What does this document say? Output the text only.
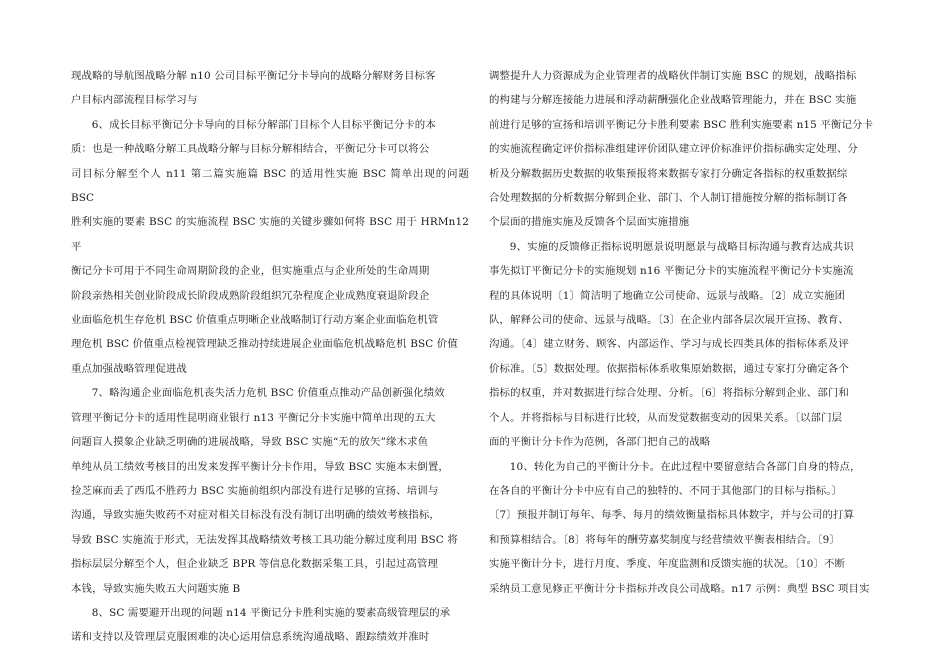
现战略的导航图战略分解 n10 公司目标平衡记分卡导向的战略分解财务目标客
户目标内部流程目标学习与

6、成长目标平衡记分卡导向的目标分解部门目标个人目标平衡记分卡的本
质：也是一种战略分解工具战略分解与目标分解相结合，平衡记分卡可以将公
司目标分解至个人 n11 第二篇实施篇 BSC 的适用性实施 BSC 简单出现的问题 BSC
胜利实施的要素 BSC 的实施流程 BSC 实施的关键步骤如何将 BSC 用于 HRMn12 平
衡记分卡可用于不同生命周期阶段的企业，但实施重点与企业所处的生命周期
阶段亲热相关创业阶段成长阶段成熟阶段组织冗杂程度企业成熟度衰退阶段企
业面临危机生存危机 BSC 价值重点明晰企业战略制订行动方案企业面临危机管
理危机 BSC 价值重点检视管理缺乏推动持续进展企业面临危机战略危机 BSC 价值
重点加强战略管理促进战

7、略沟通企业面临危机丧失活力危机 BSC 价值重点推动产品创新强化绩效
管理平衡记分卡的适用性昆明商业银行 n13 平衡记分卡实施中简单出现的五大
问题盲人摸象企业缺乏明确的进展战略，导致 BSC 实施“无的放矢”缘木求鱼
单纯从员工绩效考核目的出发来发挥平衡计分卡作用，导致 BSC 实施本末倒置，
捡芝麻而丢了西瓜不胜药力 BSC 实施前组织内部没有进行足够的宣扬、培训与
沟通，导致实施失败药不对症对相关目标没有没有制订出明确的绩效考核指标，
导致 BSC 实施流于形式，无法发挥其战略绩效考核工具功能分解过度利用 BSC 将
指标层层分解至个人，但企业缺乏 BPR 等信息化数据采集工具，引起过高管理
本钱，导致实施失败五大问题实施 B

8、SC 需要避开出现的问题 n14 平衡记分卡胜利实施的要素高级管理层的承
诺和支持以及管理层克服困难的决心运用信息系统沟通战略、跟踪绩效并准时

调整提升人力资源成为企业管理者的战略伙伴制订实施 BSC 的规划，战略指标
的构建与分解连接能力进展和浮动薪酬强化企业战略管理能力，并在 BSC 实施
前进行足够的宣扬和培训平衡记分卡胜利要素 BSC 胜利实施要素 n15 平衡记分卡
的实施流程确定评价指标准组建评价团队建立评价标准评价指标确实定处理、分
析及分解数据历史数据的收集预报将来数据专家打分确定各指标的权重数据综
合处理数据的分析数据分解到企业、部门、个人制订措施按分解的指标制订各
个层面的措施实施及反馈各个层面实施措施

9、实施的反馈修正指标说明愿景说明愿景与战略目标沟通与教育达成共识
事先拟订平衡记分卡的实施规划 n16 平衡记分卡的实施流程平衡记分卡实施流
程的具体说明〔1〕简洁明了地确立公司使命、远景与战略。〔2〕成立实施团
队，解释公司的使命、远景与战略。〔3〕在企业内部各层次展开宣扬、教育、
沟通。〔4〕建立财务、顾客、内部运作、学习与成长四类具体的指标体系及评
价标准。〔5〕数据处理。依据指标体系收集原始数据，通过专家打分确定各个
指标的权重，并对数据进行综合处理、分析。〔6〕将指标分解到企业、部门和
个人。并将指标与目标进行比较，从而发觉数据变动的因果关系。〔以部门层
面的平衡计分卡作为范例，各部门把自己的战略

10、转化为自己的平衡计分卡。在此过程中要留意结合各部门自身的特点，
在各自的平衡计分卡中应有自己的独特的、不同于其他部门的目标与指标。〕
〔7〕预报并制订每年、每季、每月的绩效衡量指标具体数字，并与公司的打算
和预算相结合。〔8〕将每年的酬劳嘉奖制度与经营绩效平衡表相结合。〔9〕
实施平衡计分卡，进行月度、季度、年度监测和反馈实施的状况。〔10〕不断
采纳员工意见修正平衡计分卡指标并改良公司战略。n17 示例：典型 BSC 项目实
